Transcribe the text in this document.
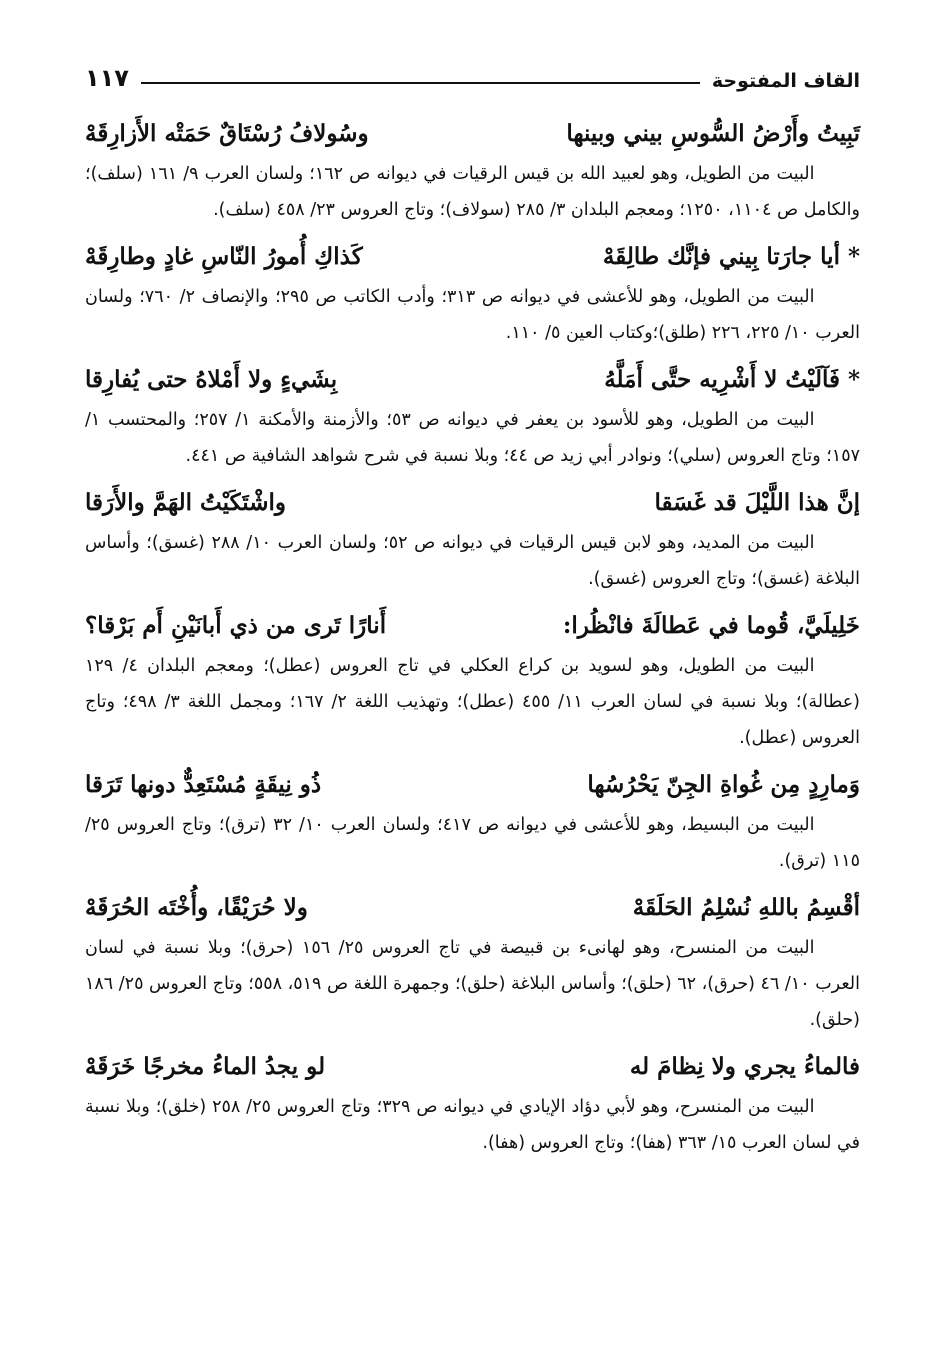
القاف المفتوحة
١١٧
تَبِيتُ وأَرْضُ السُّوسِ بيني وبينها
وسُولافُ رُسْتَاقٌ حَمَتْه الأَزارِقَهْ

البيت من الطويل، وهو لعبيد الله بن قيس الرقيات في ديوانه ص ١٦٢؛ ولسان العرب ٩/ ١٦١ (سلف)؛ والكامل ص ١١٠٤، ١٢٥٠؛ ومعجم البلدان ٣/ ٢٨٥ (سولاف)؛ وتاج العروس ٢٣/ ٤٥٨ (سلف).

* أيا جارَتا بِيني فإنَّك طالِقَهْ
كَذاكِ أُمورُ النّاسِ غادٍ وطارِقَهْ

البيت من الطويل، وهو للأعشى في ديوانه ص ٣١٣؛ وأدب الكاتب ص ٢٩٥؛ والإنصاف ٢/ ٧٦٠؛ ولسان العرب ١٠/ ٢٢٥، ٢٢٦ (طلق)؛وكتاب العين ٥/ ١١٠.

* فَآلَيْتُ لا أَشْرِيه حتَّى أَمَلَّهُ
بِشَيءٍ ولا أَمْلاهُ حتى يُفارِقا

البيت من الطويل، وهو للأسود بن يعفر في ديوانه ص ٥٣؛ والأزمنة والأمكنة ١/ ٢٥٧؛ والمحتسب ١/ ١٥٧؛ وتاج العروس (سلي)؛ ونوادر أبي زيد ص ٤٤؛ وبلا نسبة في شرح شواهد الشافية ص ٤٤١.

إنَّ هذا اللَّيْلَ قد غَسَقا
واشْتَكَيْتُ الهَمَّ والأَرَقا

البيت من المديد، وهو لابن قيس الرقيات في ديوانه ص ٥٢؛ ولسان العرب ١٠/ ٢٨٨ (غسق)؛ وأساس البلاغة (غسق)؛ وتاج العروس (غسق).

خَلِيلَيَّ، قُوما في عَطالَةَ فانْظُرا:
أَنارًا تَرى من ذي أَبانَيْنِ أَم بَرْقا؟

البيت من الطويل، وهو لسويد بن كراع العكلي في تاج العروس (عطل)؛ ومعجم البلدان ٤/ ١٢٩ (عطالة)؛ وبلا نسبة في لسان العرب ١١/ ٤٥٥ (عطل)؛ وتهذيب اللغة ٢/ ١٦٧؛ ومجمل اللغة ٣/ ٤٩٨؛ وتاج العروس (عطل).

وَمارِدٍ مِن غُواةِ الجِنّ يَحْرُسُها
ذُو نِيقَةٍ مُسْتَعِدٌّ دونها تَرَقا

البيت من البسيط، وهو للأعشى في ديوانه ص ٤١٧؛ ولسان العرب ١٠/ ٣٢ (ترق)؛ وتاج العروس ٢٥/ ١١٥ (ترق).

أقْسِمُ باللهِ نُسْلِمُ الحَلَقَهْ
ولا حُرَيْقًا، وأُخْتَه الحُرَقَهْ

البيت من المنسرح، وهو لهانىء بن قبيصة في تاج العروس ٢٥/ ١٥٦ (حرق)؛ وبلا نسبة في لسان العرب ١٠/ ٤٦ (حرق)، ٦٢ (حلق)؛ وأساس البلاغة (حلق)؛ وجمهرة اللغة ص ٥١٩، ٥٥٨؛ وتاج العروس ٢٥/ ١٨٦ (حلق).

فالماءُ يجري ولا نِظامَ له
لو يجدُ الماءُ مخرجًا خَرَقَهْ

البيت من المنسرح، وهو لأبي دؤاد الإيادي في ديوانه ص ٣٢٩؛ وتاج العروس ٢٥/ ٢٥٨ (خلق)؛ وبلا نسبة في لسان العرب ١٥/ ٣٦٣ (هفا)؛ وتاج العروس (هفا).
